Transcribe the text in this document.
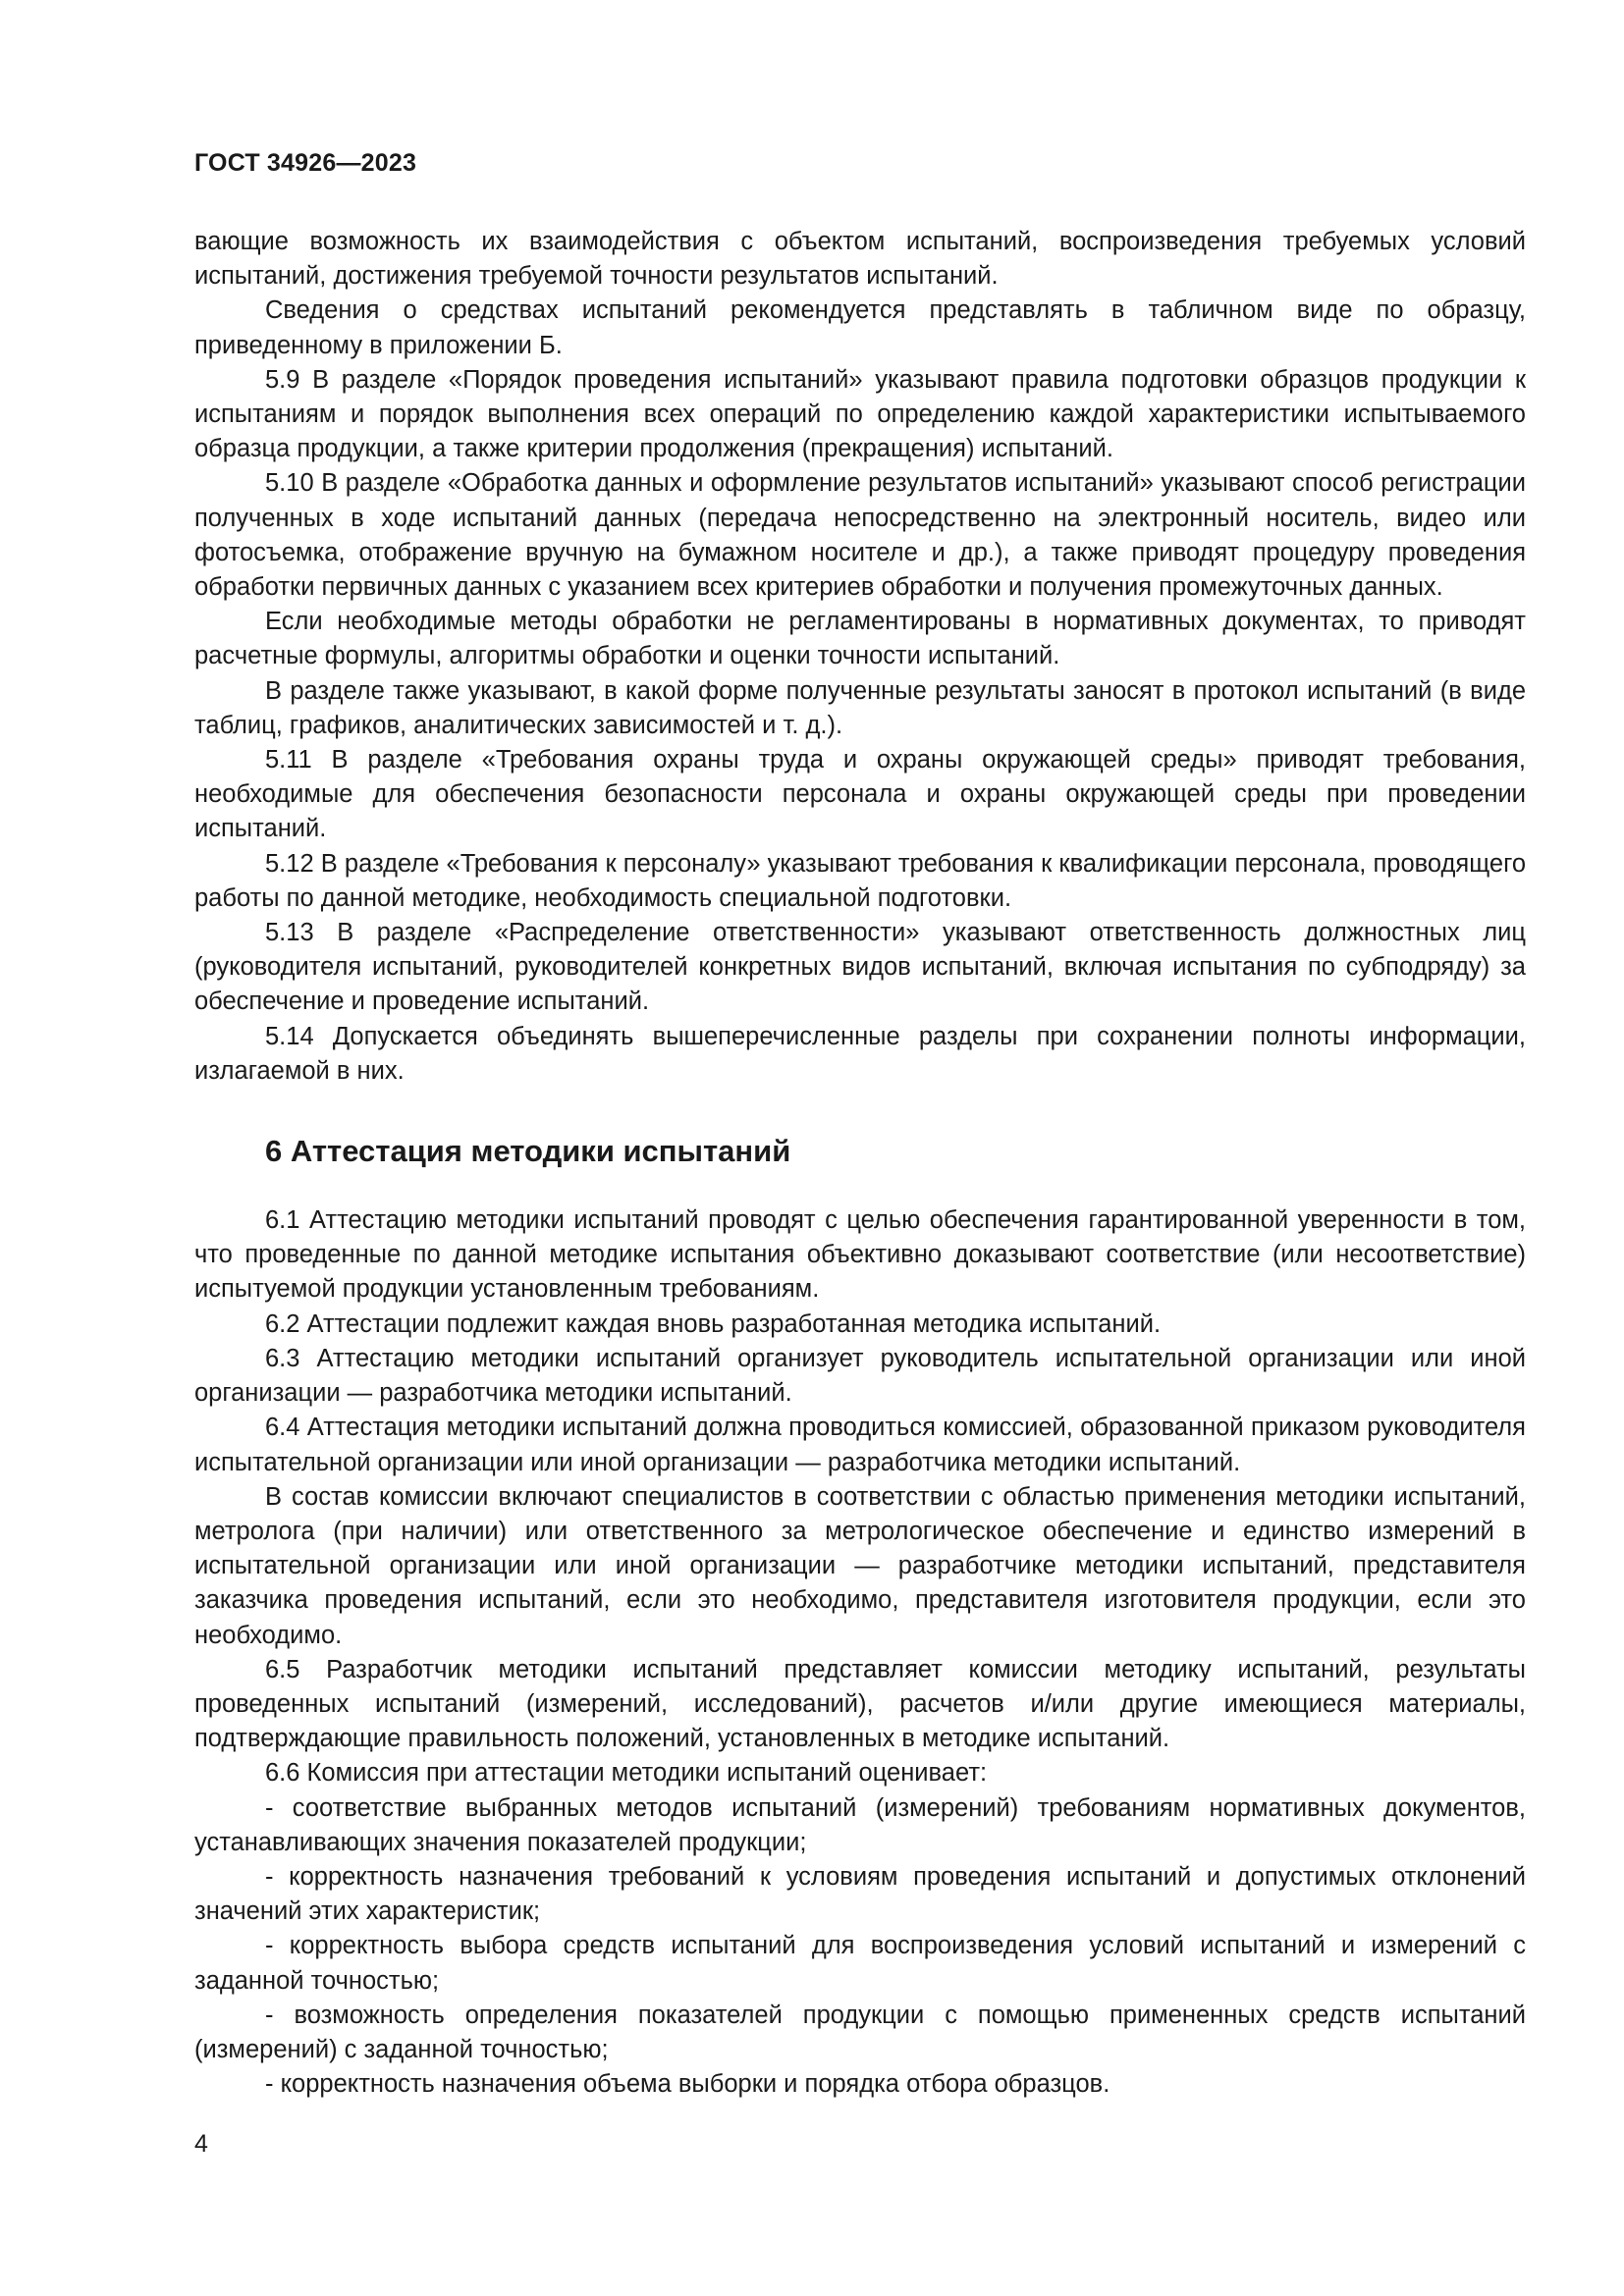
ГОСТ 34926—2023

вающие возможность их взаимодействия с объектом испытаний, воспроизведения требуемых условий испытаний, достижения требуемой точности результатов испытаний.

Сведения о средствах испытаний рекомендуется представлять в табличном виде по образцу, приведенному в приложении Б.

5.9 В разделе «Порядок проведения испытаний» указывают правила подготовки образцов продукции к испытаниям и порядок выполнения всех операций по определению каждой характеристики испытываемого образца продукции, а также критерии продолжения (прекращения) испытаний.

5.10 В разделе «Обработка данных и оформление результатов испытаний» указывают способ регистрации полученных в ходе испытаний данных (передача непосредственно на электронный носитель, видео или фотосъемка, отображение вручную на бумажном носителе и др.), а также приводят процедуру проведения обработки первичных данных с указанием всех критериев обработки и получения промежуточных данных.

Если необходимые методы обработки не регламентированы в нормативных документах, то приводят расчетные формулы, алгоритмы обработки и оценки точности испытаний.

В разделе также указывают, в какой форме полученные результаты заносят в протокол испытаний (в виде таблиц, графиков, аналитических зависимостей и т. д.).

5.11 В разделе «Требования охраны труда и охраны окружающей среды» приводят требования, необходимые для обеспечения безопасности персонала и охраны окружающей среды при проведении испытаний.

5.12 В разделе «Требования к персоналу» указывают требования к квалификации персонала, проводящего работы по данной методике, необходимость специальной подготовки.

5.13 В разделе «Распределение ответственности» указывают ответственность должностных лиц (руководителя испытаний, руководителей конкретных видов испытаний, включая испытания по субподряду) за обеспечение и проведение испытаний.

5.14 Допускается объединять вышеперечисленные разделы при сохранении полноты информации, излагаемой в них.

6 Аттестация методики испытаний

6.1 Аттестацию методики испытаний проводят с целью обеспечения гарантированной уверенности в том, что проведенные по данной методике испытания объективно доказывают соответствие (или несоответствие) испытуемой продукции установленным требованиям.

6.2 Аттестации подлежит каждая вновь разработанная методика испытаний.

6.3 Аттестацию методики испытаний организует руководитель испытательной организации или иной организации — разработчика методики испытаний.

6.4 Аттестация методики испытаний должна проводиться комиссией, образованной приказом руководителя испытательной организации или иной организации — разработчика методики испытаний.

В состав комиссии включают специалистов в соответствии с областью применения методики испытаний, метролога (при наличии) или ответственного за метрологическое обеспечение и единство измерений в испытательной организации или иной организации — разработчике методики испытаний, представителя заказчика проведения испытаний, если это необходимо, представителя изготовителя продукции, если это необходимо.

6.5 Разработчик методики испытаний представляет комиссии методику испытаний, результаты проведенных испытаний (измерений, исследований), расчетов и/или другие имеющиеся материалы, подтверждающие правильность положений, установленных в методике испытаний.

6.6 Комиссия при аттестации методики испытаний оценивает:

- соответствие выбранных методов испытаний (измерений) требованиям нормативных документов, устанавливающих значения показателей продукции;

- корректность назначения требований к условиям проведения испытаний и допустимых отклонений значений этих характеристик;

- корректность выбора средств испытаний для воспроизведения условий испытаний и измерений с заданной точностью;

- возможность определения показателей продукции с помощью примененных средств испытаний (измерений) с заданной точностью;

- корректность назначения объема выборки и порядка отбора образцов.

4
